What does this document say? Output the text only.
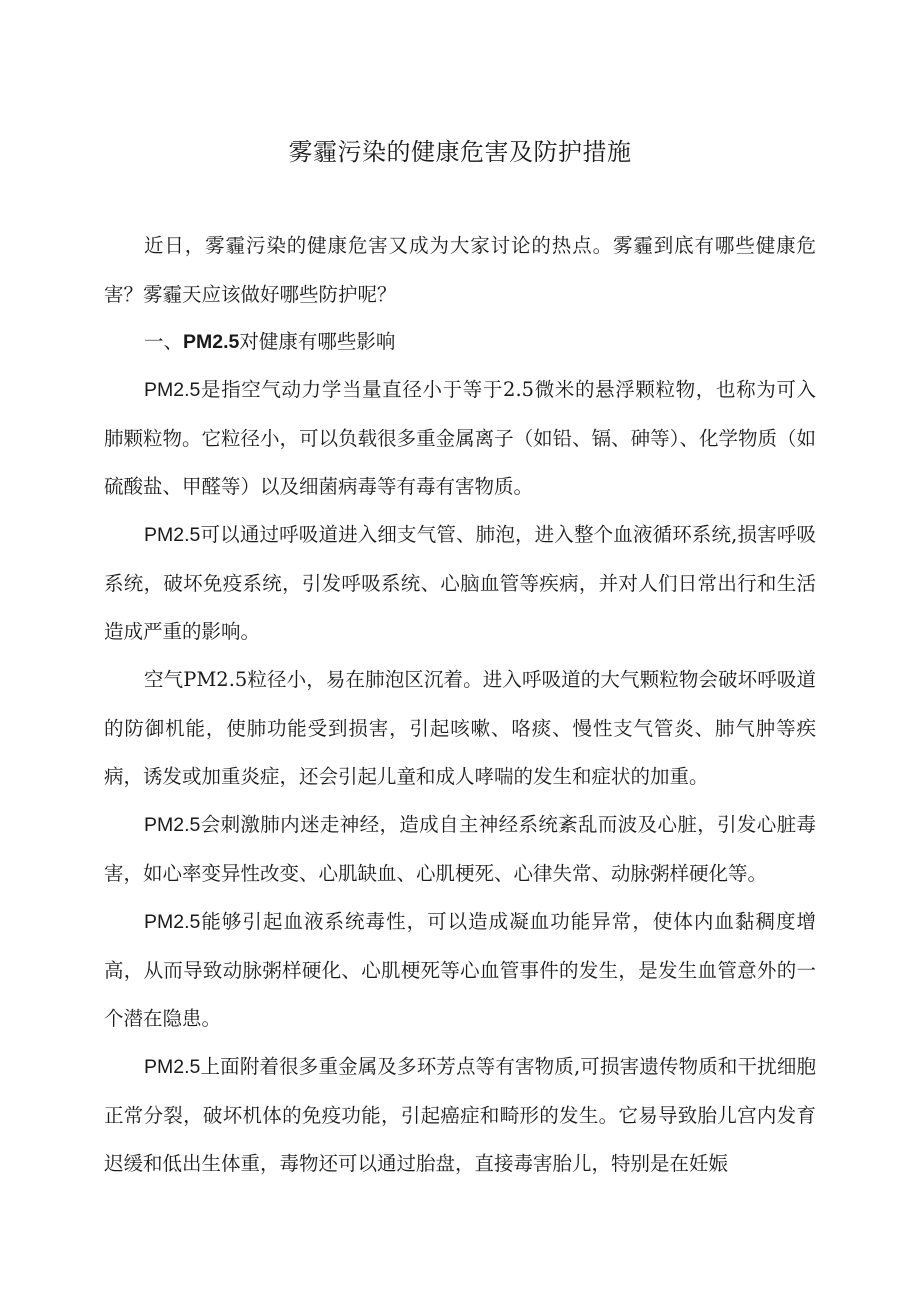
雾霾污染的健康危害及防护措施

近日，雾霾污染的健康危害又成为大家讨论的热点。雾霾到底有哪些健康危害？雾霾天应该做好哪些防护呢？

一、PM2.5对健康有哪些影响

PM2.5是指空气动力学当量直径小于等于2.5微米的悬浮颗粒物，也称为可入肺颗粒物。它粒径小，可以负载很多重金属离子（如铅、镉、砷等）、化学物质（如硫酸盐、甲醛等）以及细菌病毒等有毒有害物质。

PM2.5可以通过呼吸道进入细支气管、肺泡，进入整个血液循环系统,损害呼吸系统，破坏免疫系统，引发呼吸系统、心脑血管等疾病，并对人们日常出行和生活造成严重的影响。

空气PM2.5粒径小，易在肺泡区沉着。进入呼吸道的大气颗粒物会破坏呼吸道的防御机能，使肺功能受到损害，引起咳嗽、咯痰、慢性支气管炎、肺气肿等疾病，诱发或加重炎症，还会引起儿童和成人哮喘的发生和症状的加重。

PM2.5会刺激肺内迷走神经，造成自主神经系统紊乱而波及心脏，引发心脏毒害，如心率变异性改变、心肌缺血、心肌梗死、心律失常、动脉粥样硬化等。

PM2.5能够引起血液系统毒性，可以造成凝血功能异常，使体内血黏稠度增高，从而导致动脉粥样硬化、心肌梗死等心血管事件的发生，是发生血管意外的一个潜在隐患。

PM2.5上面附着很多重金属及多环芳点等有害物质,可损害遗传物质和干扰细胞正常分裂，破坏机体的免疫功能，引起癌症和畸形的发生。它易导致胎儿宫内发育迟缓和低出生体重，毒物还可以通过胎盘，直接毒害胎儿，特别是在妊娠
